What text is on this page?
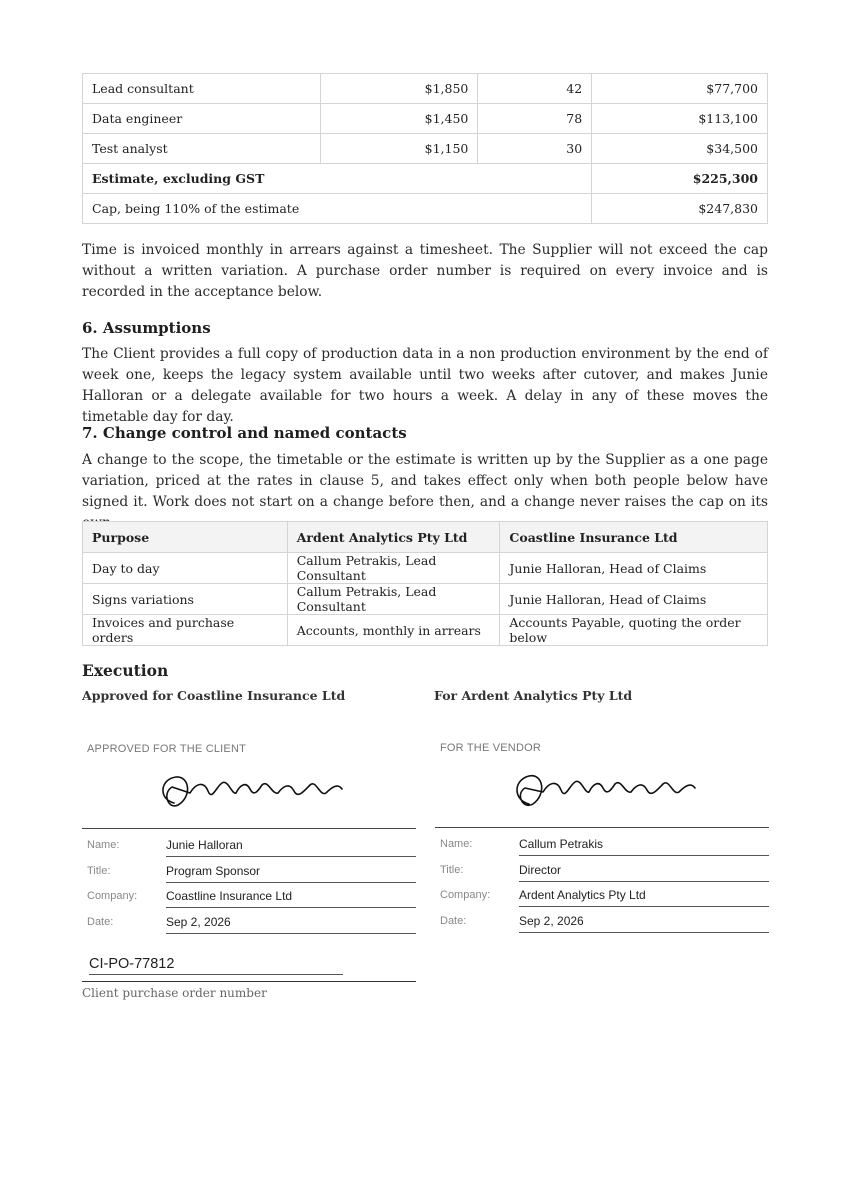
Lead consultant	$1,850	42	$77,700
Data engineer	$1,450	78	$113,100
Test analyst	$1,150	30	$34,500
Estimate, excluding GST			$225,300
Cap, being 110% of the estimate			$247,830

Time is invoiced monthly in arrears against a timesheet. The Supplier will not exceed the cap without a written variation. A purchase order number is required on every invoice and is recorded in the acceptance below.

6. Assumptions

The Client provides a full copy of production data in a non production environment by the end of week one, keeps the legacy system available until two weeks after cutover, and makes Junie Halloran or a delegate available for two hours a week. A delay in any of these moves the timetable day for day.

7. Change control and named contacts

A change to the scope, the timetable or the estimate is written up by the Supplier as a one page variation, priced at the rates in clause 5, and takes effect only when both people below have signed it. Work does not start on a change before then, and a change never raises the cap on its

Purpose	Ardent Analytics Pty Ltd	Coastline Insurance Ltd
Day to day	Callum Petrakis, Lead Consultant	Junie Halloran, Head of Claims
Signs variations	Callum Petrakis, Lead Consultant	Junie Halloran, Head of Claims
Invoices and purchase orders	Accounts, monthly in arrears	Accounts Payable, quoting the order below
Execution

Approved for Coastline Insurance Ltd	For Ardent Analytics Pty Ltd

APPROVED FOR THE CLIENT
Name:	Junie Halloran
Title:	Program Sponsor
Company: Coastline Insurance Ltd
Date:	Sep 2, 2026
FOR THE VENDOR
Name:	Callum Petrakis
Title:	Director
Company: Ardent Analytics Pty Ltd
Date:	Sep 2, 2026
CI-PO-77812

Client purchase order number
